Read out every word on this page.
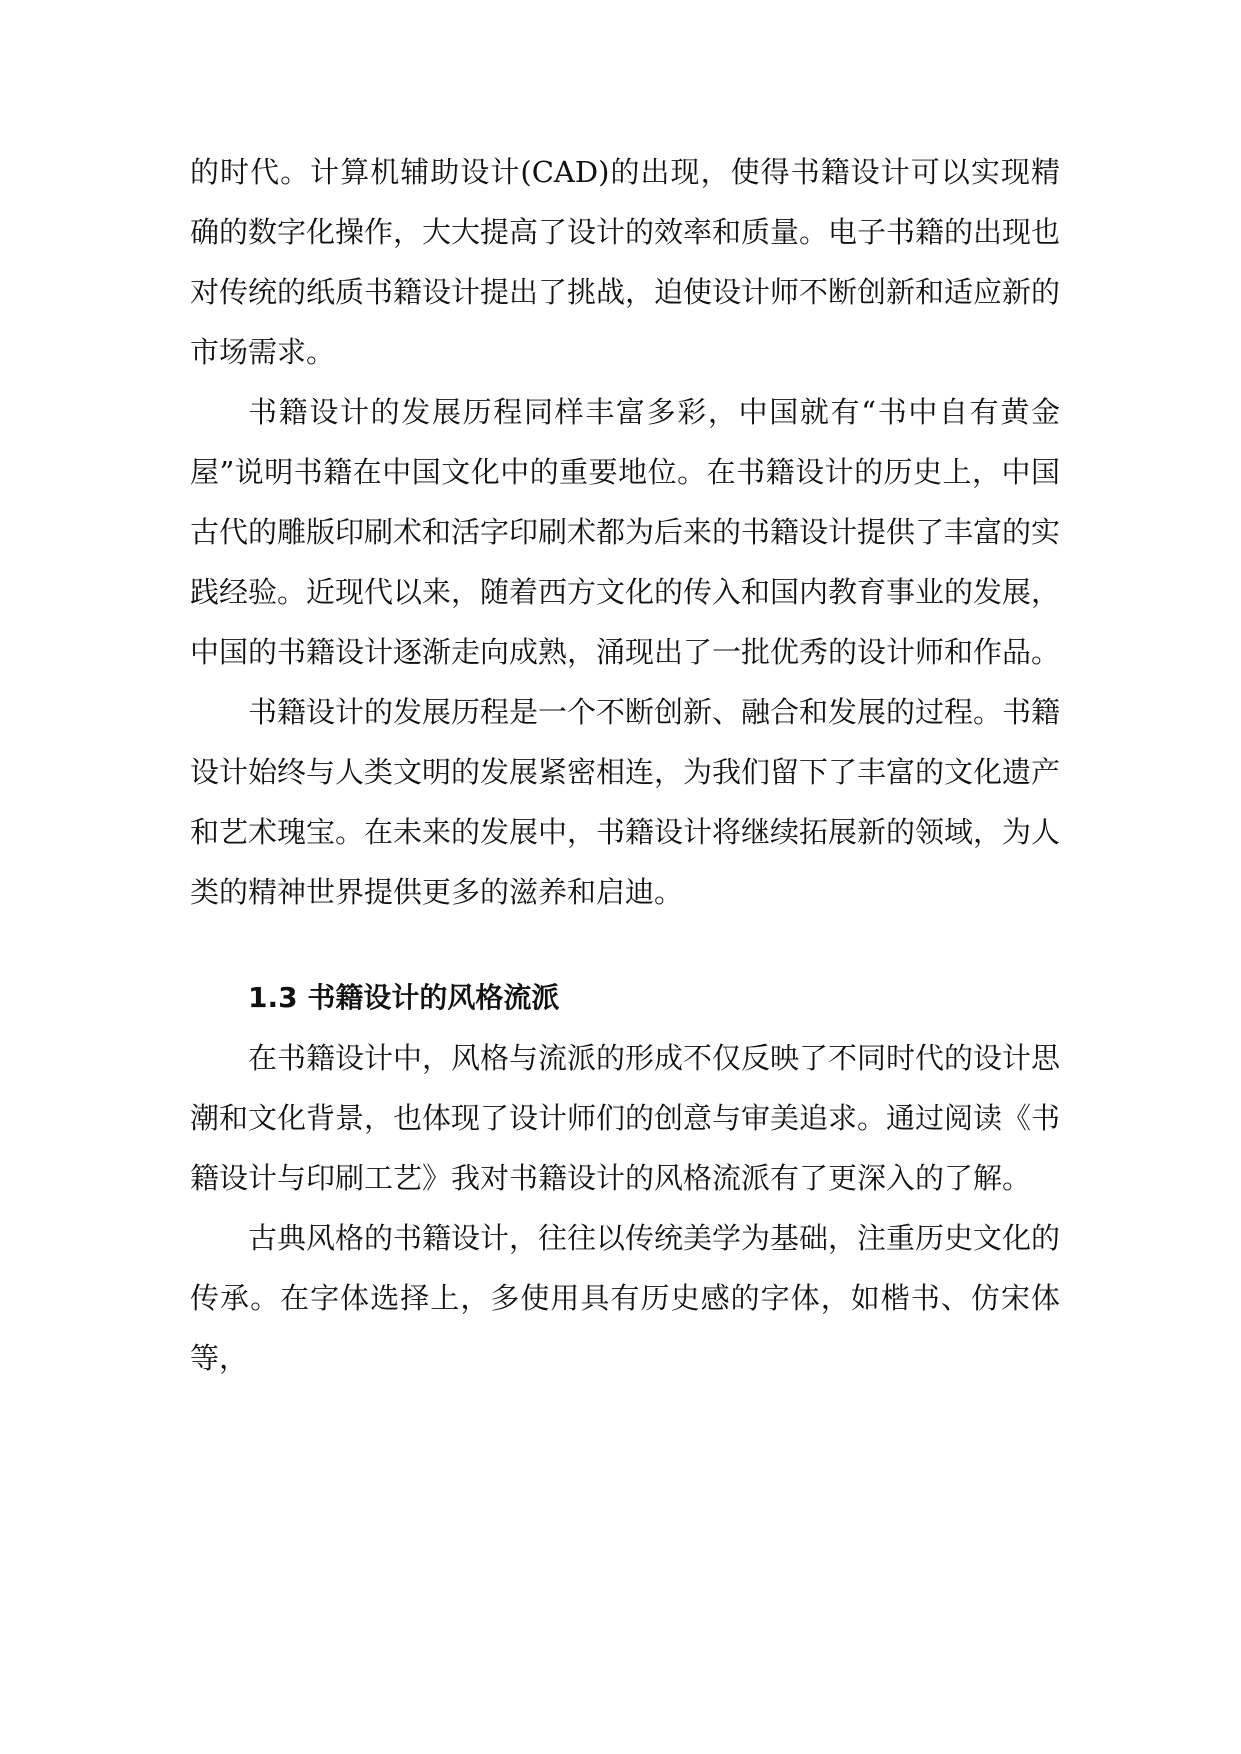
的时代。计算机辅助设计(CAD)的出现，使得书籍设计可以实现精确的数字化操作，大大提高了设计的效率和质量。电子书籍的出现也对传统的纸质书籍设计提出了挑战，迫使设计师不断创新和适应新的市场需求。

书籍设计的发展历程同样丰富多彩，中国就有“书中自有黄金屋”说明书籍在中国文化中的重要地位。在书籍设计的历史上，中国古代的雕版印刷术和活字印刷术都为后来的书籍设计提供了丰富的实践经验。近现代以来，随着西方文化的传入和国内教育事业的发展，中国的书籍设计逐渐走向成熟，涌现出了一批优秀的设计师和作品。

书籍设计的发展历程是一个不断创新、融合和发展的过程。书籍设计始终与人类文明的发展紧密相连，为我们留下了丰富的文化遗产和艺术瑰宝。在未来的发展中，书籍设计将继续拓展新的领域，为人类的精神世界提供更多的滋养和启迪。

1.3 书籍设计的风格流派

在书籍设计中，风格与流派的形成不仅反映了不同时代的设计思潮和文化背景，也体现了设计师们的创意与审美追求。通过阅读《书籍设计与印刷工艺》我对书籍设计的风格流派有了更深入的了解。

古典风格的书籍设计，往往以传统美学为基础，注重历史文化的传承。在字体选择上，多使用具有历史感的字体，如楷书、仿宋体等，
